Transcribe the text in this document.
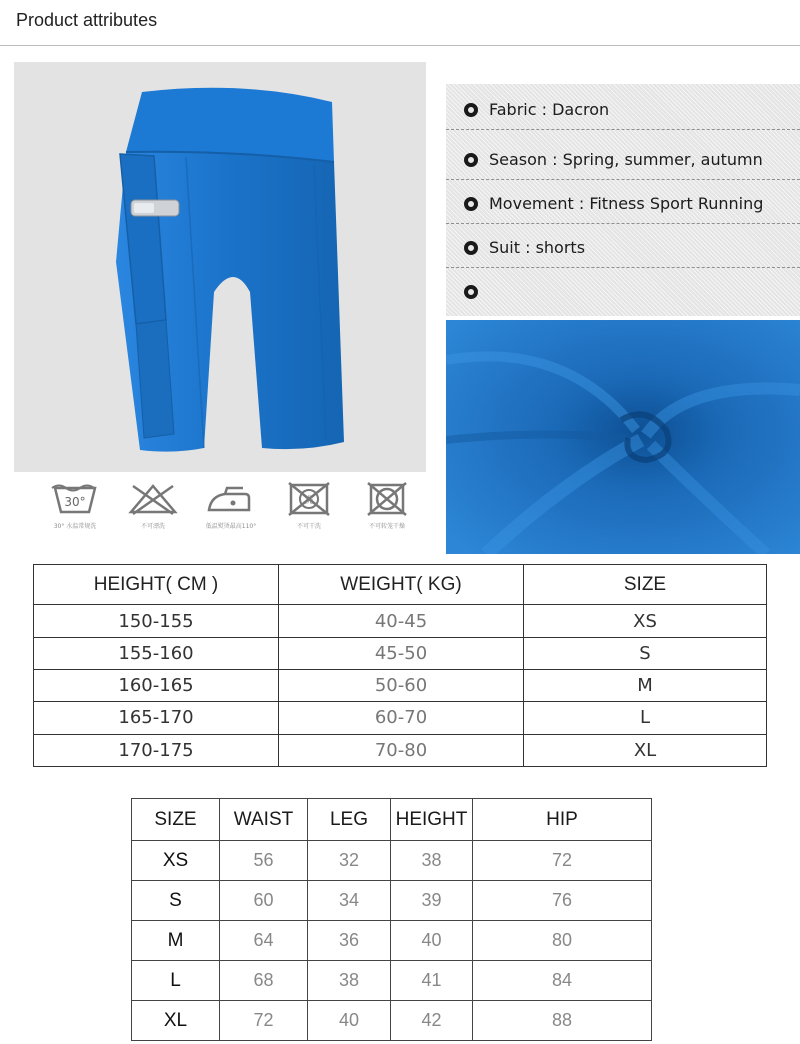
Product attributes
30°
30° 水温常规洗	不可漂洗	低温熨烫最高110°
洗
不可干洗	不可转笼干燥
Fabric : Dacron
Season : Spring, summer, autumn
Movement : Fitness Sport Running
Suit : shorts
HEIGHT( CM )	WEIGHT( KG)	SIZE
150-155	40-45	XS
155-160	45-50	S
160-165	50-60	M
165-170	60-70	L
170-175	70-80	XL
SIZE	WAIST	LEG	HEIGHT	HIP
XS	56	32	38	72
S	60	34	39	76
M	64	36	40	80
L	68	38	41	84
XL	72	40	42	88
